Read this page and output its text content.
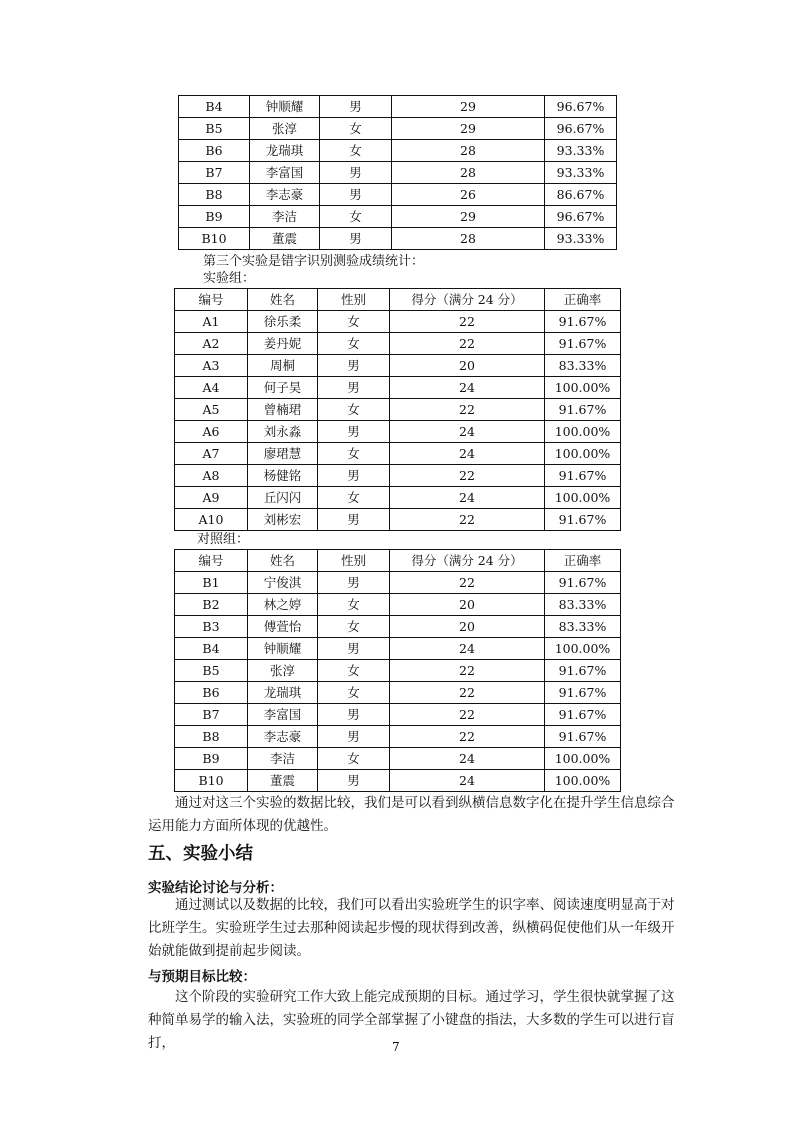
B4	钟顺耀	男	29	96.67%
B5	张淳	女	29	96.67%
B6	龙瑞琪	女	28	93.33%
B7	李富国	男	28	93.33%
B8	李志豪	男	26	86.67%
B9	李洁	女	29	96.67%
B10	董震	男	28	93.33%
第三个实验是错字识别测验成绩统计：
实验组：
编号	姓名	性别	得分（满分 24 分）	正确率
A1	徐乐柔	女	22	91.67%
A2	姜丹妮	女	22	91.67%
A3	周桐	男	20	83.33%
A4	何子昊	男	24	100.00%
A5	曾楠珺	女	22	91.67%
A6	刘永淼	男	24	100.00%
A7	廖珺慧	女	24	100.00%
A8	杨健铭	男	22	91.67%
A9	丘闪闪	女	24	100.00%
A10	刘彬宏	男	22	91.67%
对照组：
编号	姓名	性别	得分（满分 24 分）	正确率
B1	宁俊淇	男	22	91.67%
B2	林之婷	女	20	83.33%
B3	傅萱怡	女	20	83.33%
B4	钟顺耀	男	24	100.00%
B5	张淳	女	22	91.67%
B6	龙瑞琪	女	22	91.67%
B7	李富国	男	22	91.67%
B8	李志豪	男	22	91.67%
B9	李洁	女	24	100.00%
B10	董震	男	24	100.00%
通过对这三个实验的数据比较，我们是可以看到纵横信息数字化在提升学生信息综合运用能力方面所体现的优越性。
五、实验小结
实验结论讨论与分析：
通过测试以及数据的比较，我们可以看出实验班学生的识字率、阅读速度明显高于对比班学生。实验班学生过去那种阅读起步慢的现状得到改善，纵横码促使他们从一年级开始就能做到提前起步阅读。
与预期目标比较：
这个阶段的实验研究工作大致上能完成预期的目标。通过学习，学生很快就掌握了这种简单易学的输入法，实验班的同学全部掌握了小键盘的指法，大多数的学生可以进行盲打，	7
